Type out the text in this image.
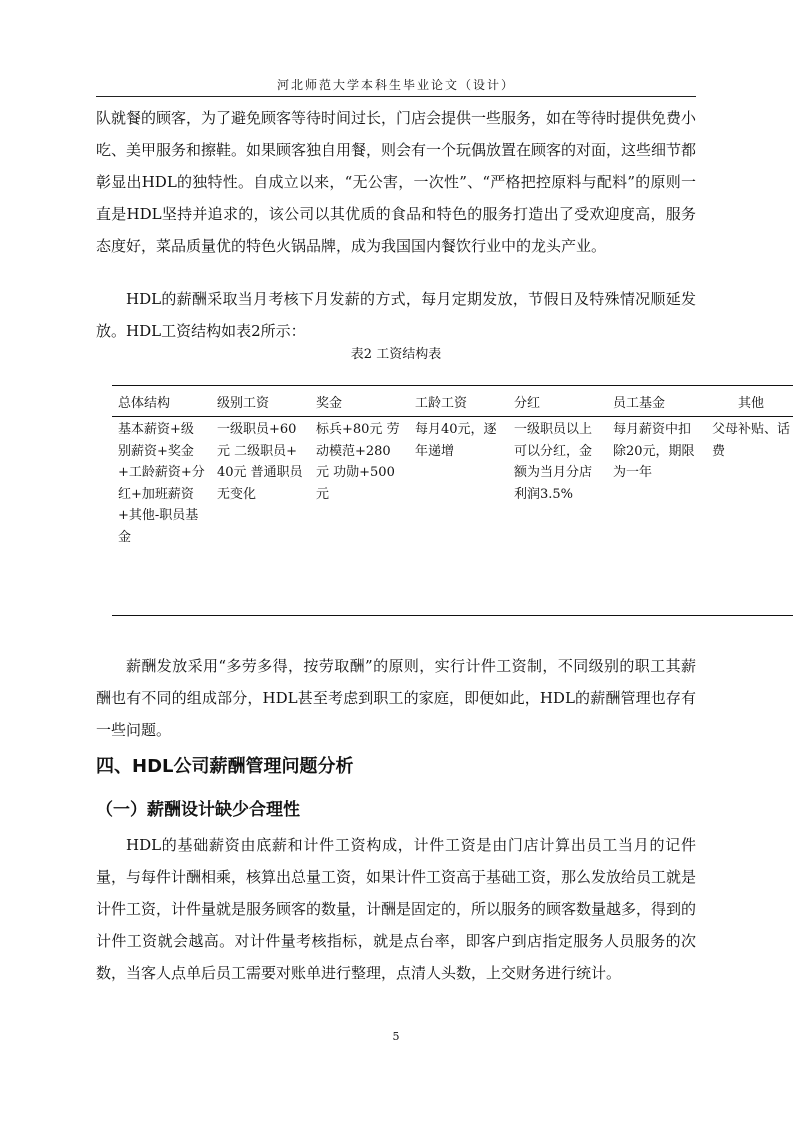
河北师范大学本科生毕业论文（设计）

队就餐的顾客，为了避免顾客等待时间过长，门店会提供一些服务，如在等待时提供免费小吃、美甲服务和擦鞋。如果顾客独自用餐，则会有一个玩偶放置在顾客的对面，这些细节都彰显出HDL的独特性。自成立以来，“无公害，一次性”、“严格把控原料与配料”的原则一直是HDL坚持并追求的，该公司以其优质的食品和特色的服务打造出了受欢迎度高，服务态度好，菜品质量优的特色火锅品牌，成为我国国内餐饮行业中的龙头产业。

HDL的薪酬采取当月考核下月发薪的方式，每月定期发放，节假日及特殊情况顺延发放。HDL工资结构如表2所示：

表2 工资结构表
总体结构	级别工资	奖金	工龄工资	分红	员工基金	其他
基本薪资+级别薪资+奖金+工龄薪资+分红+加班薪资+其他-职员基金	一级职员+60元 二级职员+40元 普通职员无变化	标兵+80元 劳动模范+280元 功勋+500元	每月40元，逐年递增	一级职员以上可以分红，金额为当月分店利润3.5%	每月薪资中扣除20元，期限为一年	父母补贴、话费

薪酬发放采用“多劳多得，按劳取酬”的原则，实行计件工资制，不同级别的职工其薪酬也有不同的组成部分，HDL甚至考虑到职工的家庭，即便如此，HDL的薪酬管理也存有一些问题。

四、HDL公司薪酬管理问题分析
（一）薪酬设计缺少合理性

HDL的基础薪资由底薪和计件工资构成，计件工资是由门店计算出员工当月的记件量，与每件计酬相乘，核算出总量工资，如果计件工资高于基础工资，那么发放给员工就是计件工资，计件量就是服务顾客的数量，计酬是固定的，所以服务的顾客数量越多，得到的计件工资就会越高。对计件量考核指标，就是点台率，即客户到店指定服务人员服务的次数，当客人点单后员工需要对账单进行整理，点清人头数，上交财务进行统计。

5
